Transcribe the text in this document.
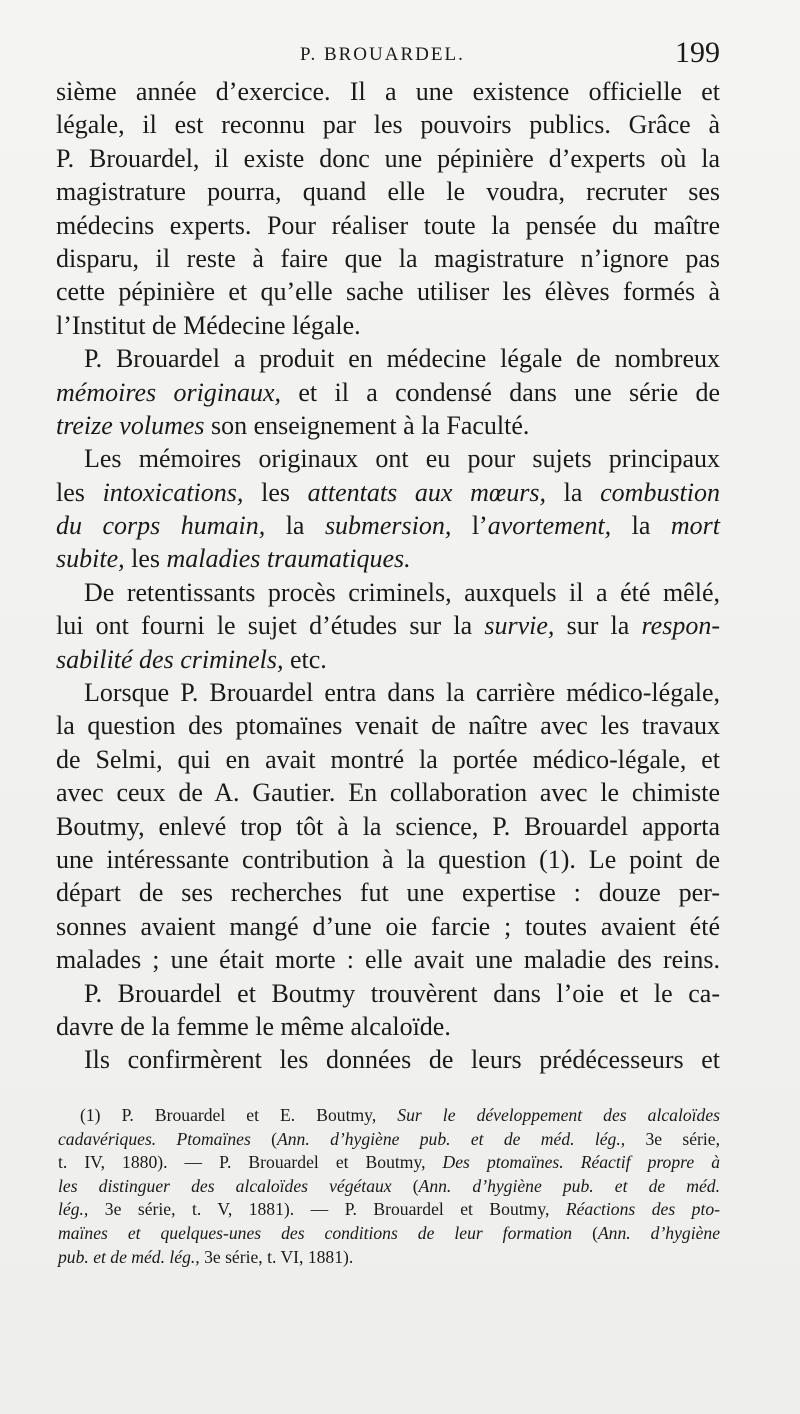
P. BROUARDEL.	199
sième année d’exercice. Il a une existence officielle et
légale, il est reconnu par les pouvoirs publics. Grâce à
P. Brouardel, il existe donc une pépinière d’experts où la
magistrature pourra, quand elle le voudra, recruter ses
médecins experts. Pour réaliser toute la pensée du maître
disparu, il reste à faire que la magistrature n’ignore pas
cette pépinière et qu’elle sache utiliser les élèves formés à
l’Institut de Médecine légale.
P. Brouardel a produit en médecine légale de nombreux
mémoires originaux, et il a condensé dans une série de
treize volumes son enseignement à la Faculté.
Les mémoires originaux ont eu pour sujets principaux
les intoxications, les attentats aux mœurs, la combustion
du corps humain, la submersion, l’avortement, la mort
subite, les maladies traumatiques.
De retentissants procès criminels, auxquels il a été mêlé,
lui ont fourni le sujet d’études sur la survie, sur la respon-
sabilité des criminels, etc.
Lorsque P. Brouardel entra dans la carrière médico-légale,
la question des ptomaïnes venait de naître avec les travaux
de Selmi, qui en avait montré la portée médico-légale, et
avec ceux de A. Gautier. En collaboration avec le chimiste
Boutmy, enlevé trop tôt à la science, P. Brouardel apporta
une intéressante contribution à la question (1). Le point de
départ de ses recherches fut une expertise : douze per-
sonnes avaient mangé d’une oie farcie ; toutes avaient été
malades ; une était morte : elle avait une maladie des reins.
P. Brouardel et Boutmy trouvèrent dans l’oie et le ca-
davre de la femme le même alcaloïde.
Ils confirmèrent les données de leurs prédécesseurs et
(1) P. Brouardel et E. Boutmy, Sur le développement des alcaloïdes
cadavériques. Ptomaïnes (Ann. d’hygiène pub. et de méd. lég., 3e série,
t. IV, 1880). — P. Brouardel et Boutmy, Des ptomaïnes. Réactif propre à
les distinguer des alcaloïdes végétaux (Ann. d’hygiène pub. et de méd.
lég., 3e série, t. V, 1881). — P. Brouardel et Boutmy, Réactions des pto-
maïnes et quelques-unes des conditions de leur formation (Ann. d’hygiène
pub. et de méd. lég., 3e série, t. VI, 1881).
